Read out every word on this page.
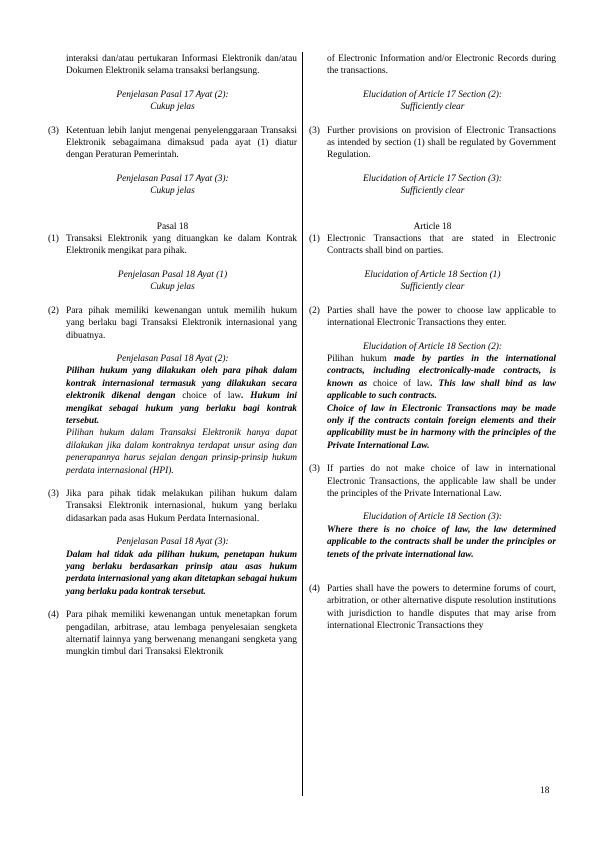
interaksi dan/atau pertukaran Informasi Elektronik dan/atau Dokumen Elektronik selama transaksi berlangsung.

Penjelasan Pasal 17 Ayat (2):

Cukup jelas

(3) Ketentuan lebih lanjut mengenai penyelenggaraan Transaksi Elektronik sebagaimana dimaksud pada ayat (1) diatur dengan Peraturan Pemerintah.

Penjelasan Pasal 17 Ayat (3):

Cukup jelas

Pasal 18

(1) Transaksi Elektronik yang dituangkan ke dalam Kontrak Elektronik mengikat para pihak.

Penjelasan Pasal 18 Ayat (1)

Cukup jelas

(2) Para pihak memiliki kewenangan untuk memilih hukum yang berlaku bagi Transaksi Elektronik internasional yang dibuatnya.

Penjelasan Pasal 18 Ayat (2):

Pilihan hukum yang dilakukan oleh para pihak dalam kontrak internasional termasuk yang dilakukan secara elektronik dikenal dengan choice of law. Hukum ini mengikat sebagai hukum yang berlaku bagi kontrak tersebut.

Pilihan hukum dalam Transaksi Elektronik hanya dapat dilakukan jika dalam kontraknya terdapat unsur asing dan penerapannya harus sejalan dengan prinsip-prinsip hukum perdata internasional (HPI).

(3) Jika para pihak tidak melakukan pilihan hukum dalam Transaksi Elektronik internasional, hukum yang berlaku didasarkan pada asas Hukum Perdata Internasional.

Penjelasan Pasal 18 Ayat (3):

Dalam hal tidak ada pilihan hukum, penetapan hukum yang berlaku berdasarkan prinsip atau asas hukum perdata internasional yang akan ditetapkan sebagai hukum yang berlaku pada kontrak tersebut.

(4) Para pihak memiliki kewenangan untuk menetapkan forum pengadilan, arbitrase, atau lembaga penyelesaian sengketa alternatif lainnya yang berwenang menangani sengketa yang mungkin timbul dari Transaksi Elektronik

of Electronic Information and/or Electronic Records during the transactions.

Elucidation of Article 17 Section (2):

Sufficiently clear

(3) Further provisions on provision of Electronic Transactions as intended by section (1) shall be regulated by Government Regulation.

Elucidation of Article 17 Section (3):

Sufficiently clear

Article 18

(1) Electronic Transactions that are stated in Electronic Contracts shall bind on parties.

Elucidation of Article 18 Section (1)

Sufficiently clear

(2) Parties shall have the power to choose law applicable to international Electronic Transactions they enter.

Elucidation of Article 18 Section (2):

Pilihan hukum made by parties in the international contracts, including electronically-made contracts, is known as choice of law. This law shall bind as law applicable to such contracts.

Choice of law in Electronic Transactions may be made only if the contracts contain foreign elements and their applicability must be in harmony with the principles of the Private International Law.

(3) If parties do not make choice of law in international Electronic Transactions, the applicable law shall be under the principles of the Private International Law.

Elucidation of Article 18 Section (3):

Where there is no choice of law, the law determined applicable to the contracts shall be under the principles or tenets of the private international law.

(4) Parties shall have the powers to determine forums of court, arbitration, or other alternative dispute resolution institutions with jurisdiction to handle disputes that may arise from international Electronic Transactions they
18
